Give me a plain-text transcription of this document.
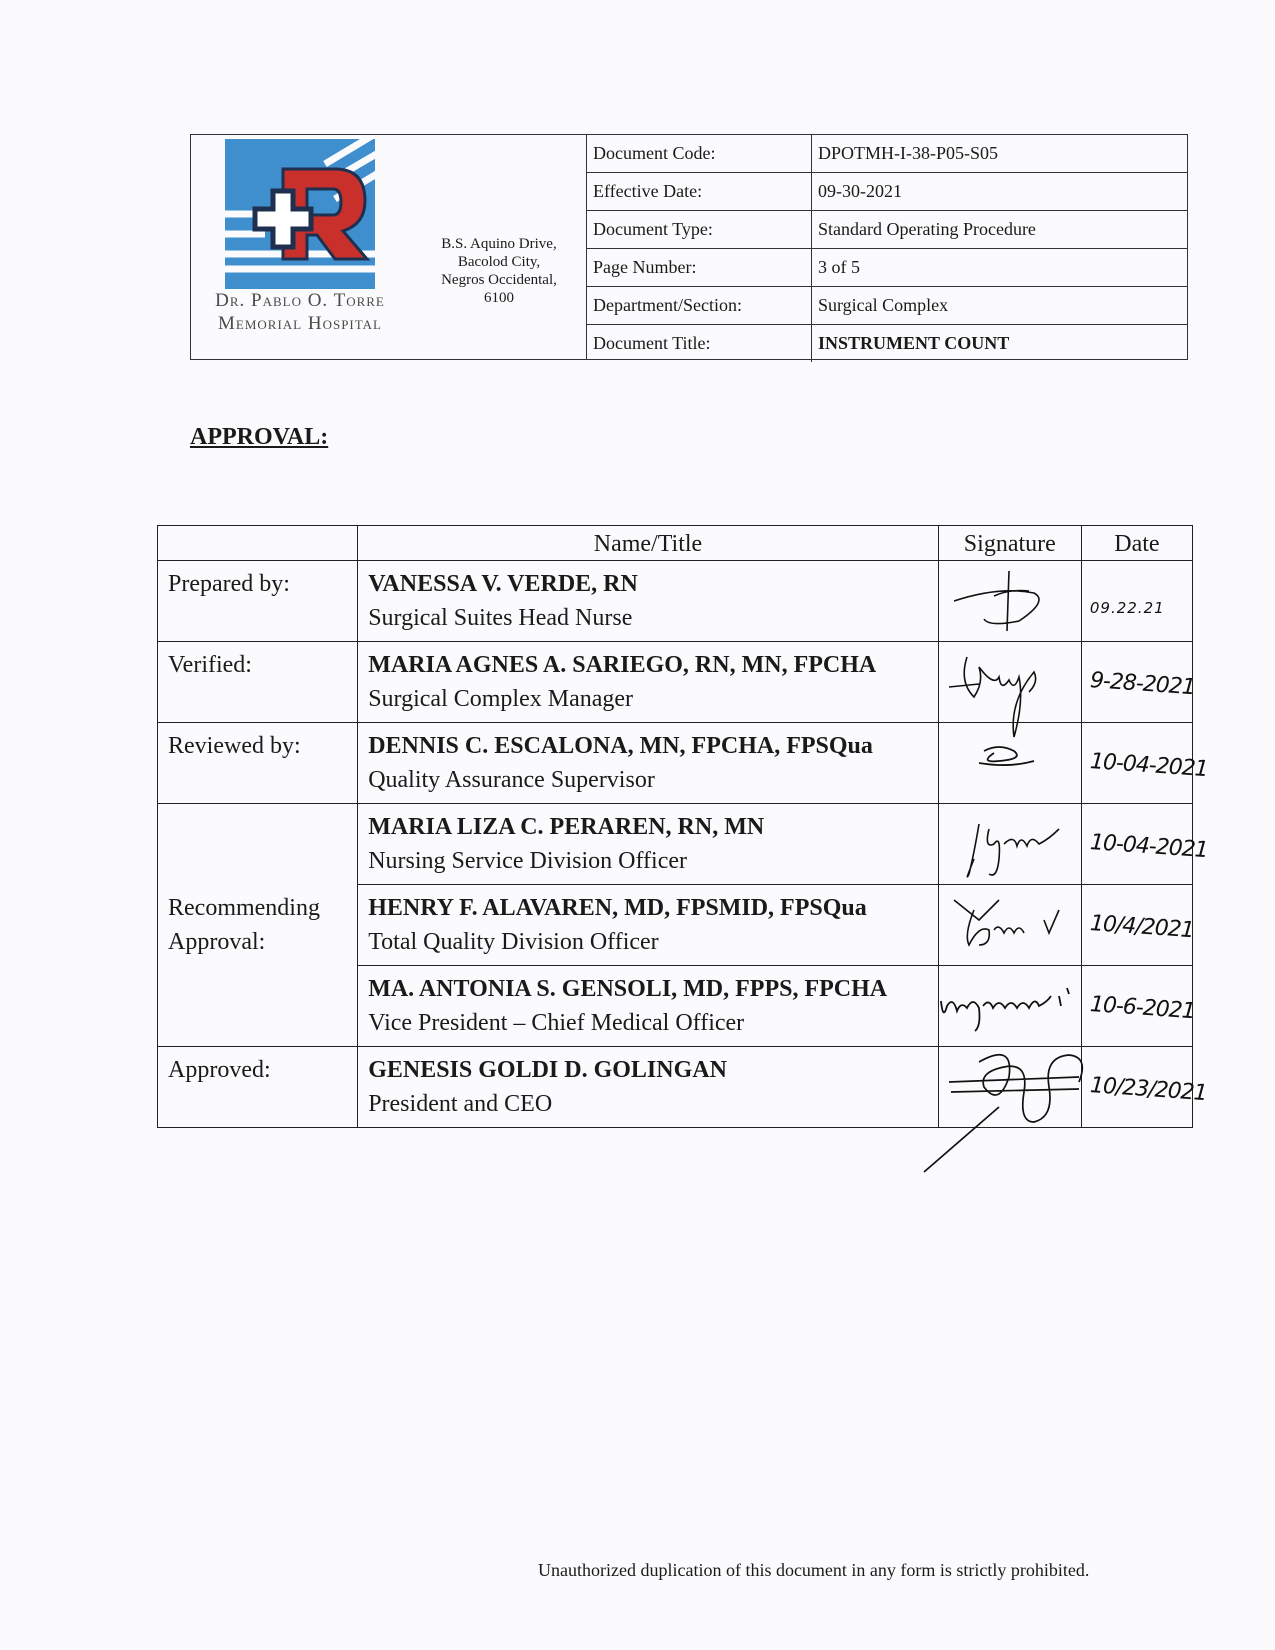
Dr. Pablo O. Torre
Memorial Hospital
B.S. Aquino Drive,
Bacolod City,
Negros Occidental,
6100
Document Code:	DPOTMH-I-38-P05-S05
Effective Date:	09-30-2021
Document Type:	Standard Operating Procedure
Page Number:	3 of 5
Department/Section:	Surgical Complex
Document Title:	INSTRUMENT COUNT
APPROVAL:
	Name/Title	Signature	Date
Prepared by:	VANESSA V. VERDE, RN
Surgical Suites Head Nurse		09.22.21

Verified:	MARIA AGNES A. SARIEGO, RN, MN, FPCHA
Surgical Complex Manager		9-28-2021

Reviewed by:	DENNIS C. ESCALONA, MN, FPCHA, FPSQua
Quality Assurance Supervisor		10-04-2021

Recommending
Approval:	MARIA LIZA C. PERAREN, RN, MN
Nursing Service Division Officer		10-04-2021

	HENRY F. ALAVAREN, MD, FPSMID, FPSQua
Total Quality Division Officer		10/4/2021

	MA. ANTONIA S. GENSOLI, MD, FPPS, FPCHA
Vice President – Chief Medical Officer		10-6-2021

Approved:	GENESIS GOLDI D. GOLINGAN
President and CEO		10/23/2021
Unauthorized duplication of this document in any form is strictly prohibited.
